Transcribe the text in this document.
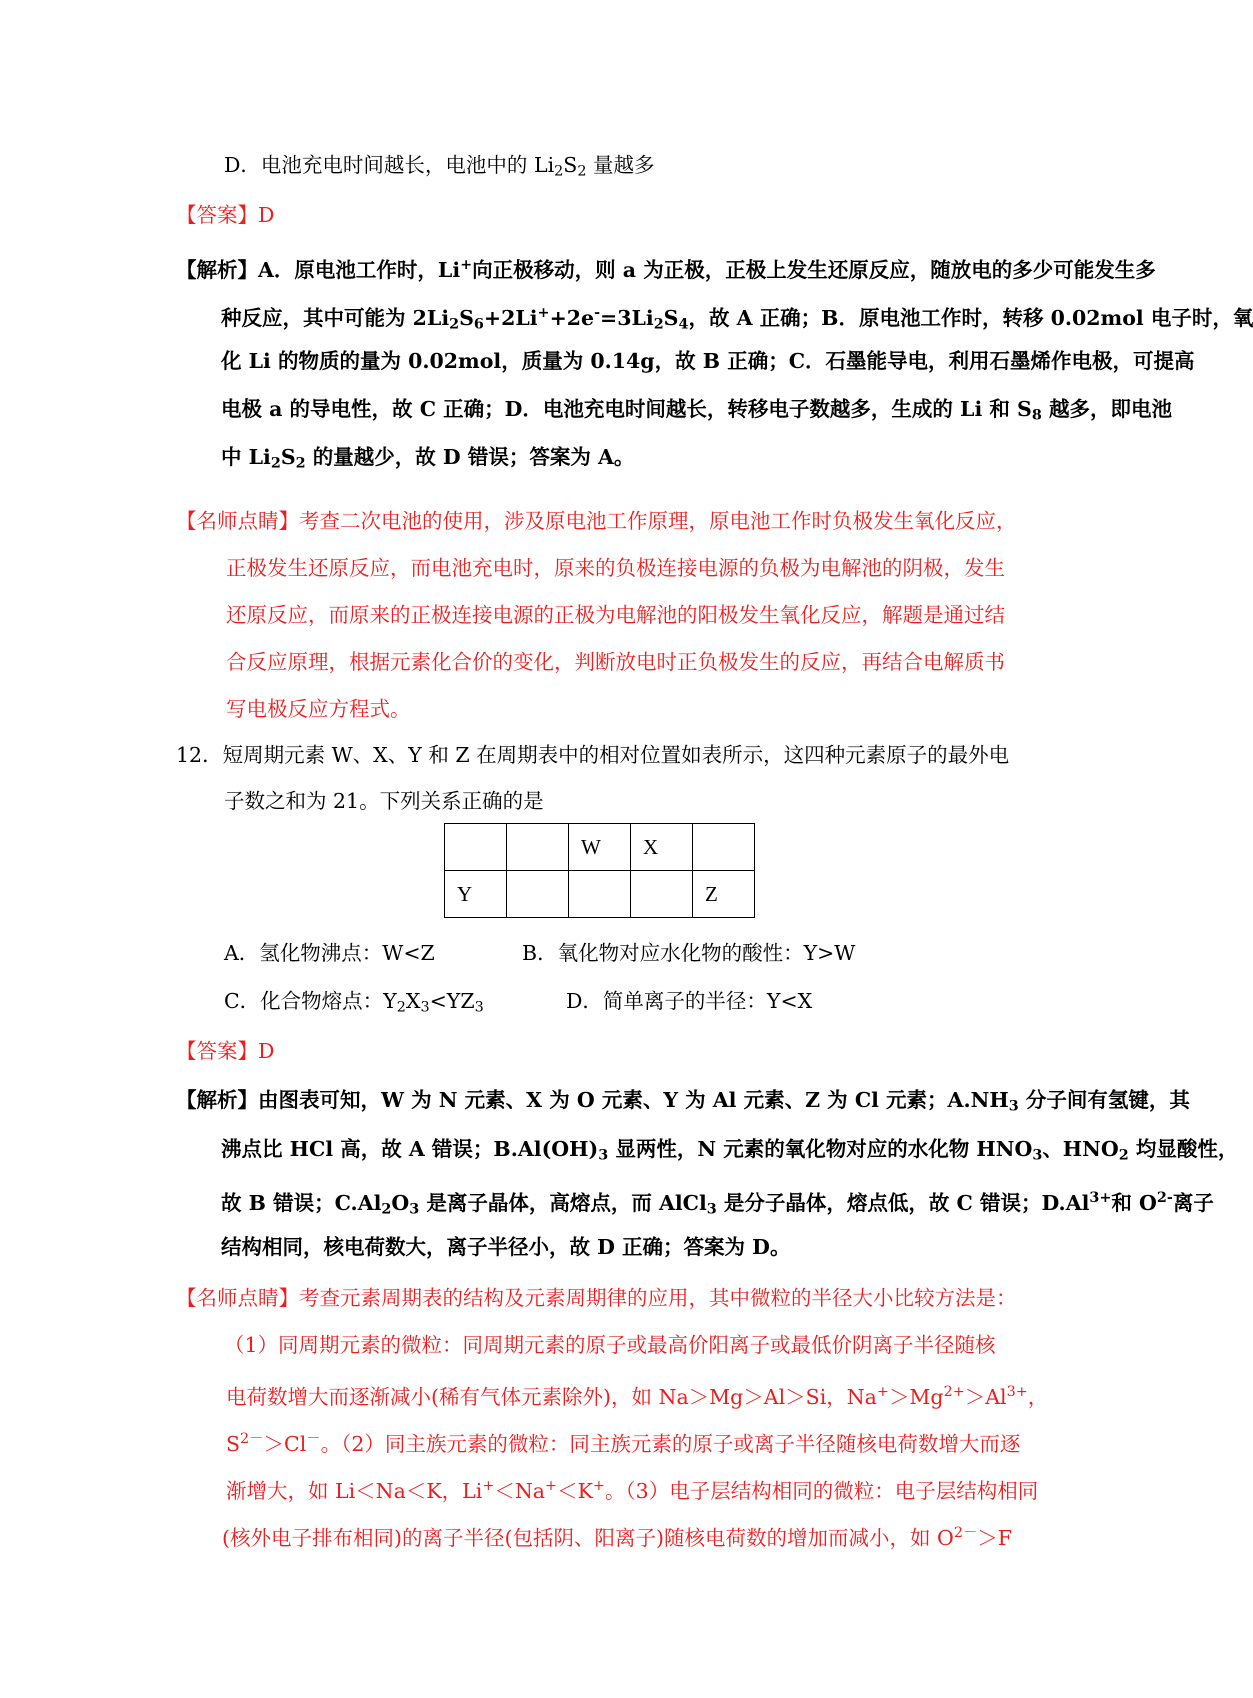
D．电池充电时间越长，电池中的 $Li_2S_2$ 量越多
【答案】D
【解析】A．原电池工作时，Li+向正极移动，则 a 为正极，正极上发生还原反应，随放电的多少可能发生多
种反应，其中可能为 $2Li_2S_6+2Li^++2e^-=3Li_2S_4$，故 A 正确；B．原电池工作时，转移 0.02mol 电子时，氧
化 Li 的物质的量为 0.02mol，质量为 0.14g，故 B 正确；C．石墨能导电，利用石墨烯作电极，可提高
电极 a 的导电性，故 C 正确；D．电池充电时间越长，转移电子数越多，生成的 Li 和 $S_8$ 越多，即电池
中 $Li_2S_2$ 的量越少，故 D 错误；答案为 A。
【名师点睛】考查二次电池的使用，涉及原电池工作原理，原电池工作时负极发生氧化反应，
正极发生还原反应，而电池充电时，原来的负极连接电源的负极为电解池的阴极，发生
还原反应，而原来的正极连接电源的正极为电解池的阳极发生氧化反应，解题是通过结
合反应原理，根据元素化合价的变化，判断放电时正负极发生的反应，再结合电解质书
写电极反应方程式。
12．短周期元素 W、X、Y 和 Z 在周期表中的相对位置如表所示，这四种元素原子的最外电
子数之和为 21。下列关系正确的是
		W	X	
Y				Z
A．氢化物沸点：W<Z	B．氧化物对应水化物的酸性：Y>W
C．化合物熔点：$Y_2X_3<YZ_3$	D．简单离子的半径：Y<X
【答案】D
【解析】由图表可知，W 为 N 元素、X 为 O 元素、Y 为 Al 元素、Z 为 Cl 元素；$A.NH_3$ 分子间有氢键，其
沸点比 HCl 高，故 A 错误；$B.Al(OH)_3$ 显两性，N 元素的氧化物对应的水化物 $HNO_3$、$HNO_2$ 均显酸性，
故 B 错误；$C.Al_2O_3$ 是离子晶体，高熔点，而 AlCl$_3$ 是分子晶体，熔点低，故 C 错误；$D.Al^{3+}$和 $O^{2-}$离子
结构相同，核电荷数大，离子半径小，故 D 正确；答案为 D。
【名师点睛】考查元素周期表的结构及元素周期律的应用，其中微粒的半径大小比较方法是：
（1）同周期元素的微粒：同周期元素的原子或最高价阳离子或最低价阴离子半径随核
电荷数增大而逐渐减小(稀有气体元素除外)，如 Na＞Mg＞Al＞Si，$Na^+>Mg^{2+}>Al^{3+}$，
$S^{2-}>Cl^-$。（2）同主族元素的微粒：同主族元素的原子或离子半径随核电荷数增大而逐
渐增大，如 Li＜Na＜K，Li+＜Na+＜K+。（3）电子层结构相同的微粒：电子层结构相同
(核外电子排布相同)的离子半径(包括阴、阳离子)随核电荷数的增加而减小，如 $O^{2-}>F$
